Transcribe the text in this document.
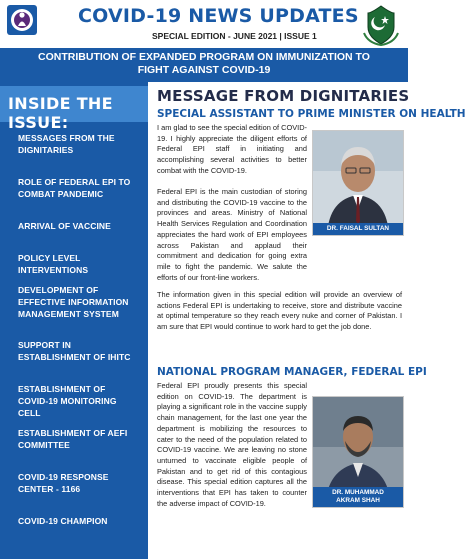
COVID-19 NEWS UPDATES
SPECIAL EDITION - JUNE 2021 | ISSUE 1
CONTRIBUTION OF EXPANDED PROGRAM ON IMMUNIZATION TO
FIGHT AGAINST COVID-19
INSIDE THE ISSUE:
MESSAGES FROM THE DIGNITARIES
ROLE OF FEDERAL EPI TO COMBAT PANDEMIC
ARRIVAL OF VACCINE
POLICY LEVEL INTERVENTIONS
DEVELOPMENT OF EFFECTIVE INFORMATION MANAGEMENT SYSTEM
SUPPORT IN ESTABLISHMENT OF IHITC
ESTABLISHMENT OF COVID-19 MONITORING CELL
ESTABLISHMENT OF AEFI COMMITTEE
COVID-19 RESPONSE CENTER - 1166
COVID-19 CHAMPION
MESSAGE FROM DIGNITARIES
SPECIAL ASSISTANT TO PRIME MINISTER ON HEALTH

I am glad to see the special edition of COVID-19. I highly appreciate the diligent efforts of Federal EPI staff in initiating and accomplishing several activities to better combat with the COVID-19.

Federal EPI is the main custodian of storing and distributing the COVID-19 vaccine to the provinces and areas. Ministry of National Health Services Regulation and Coordination appreciates the hard work of EPI employees across Pakistan and applaud their commitment and dedication for going extra mile to fight the pandemic. We salute the efforts of our front-line workers.

DR. FAISAL SULTAN

The information given in this special edition will provide an overview of actions Federal EPI is undertaking to receive, store and distribute vaccine at optimal temperature so they reach every nuke and corner of Pakistan. I am sure that EPI would continue to work hard to get the job done.

NATIONAL PROGRAM MANAGER, FEDERAL EPI

Federal EPI proudly presents this special edition on COVID-19. The department is playing a significant role in the vaccine supply chain management, for the last one year the department is mobilizing the resources to cater to the need of the population related to COVID-19 vaccine. We are leaving no stone unturned to vaccinate eligible people of Pakistan and to get rid of this contagious disease. This special edition captures all the interventions that EPI has taken to counter the adverse impact of COVID-19.

DR. MUHAMMAD
AKRAM SHAH
